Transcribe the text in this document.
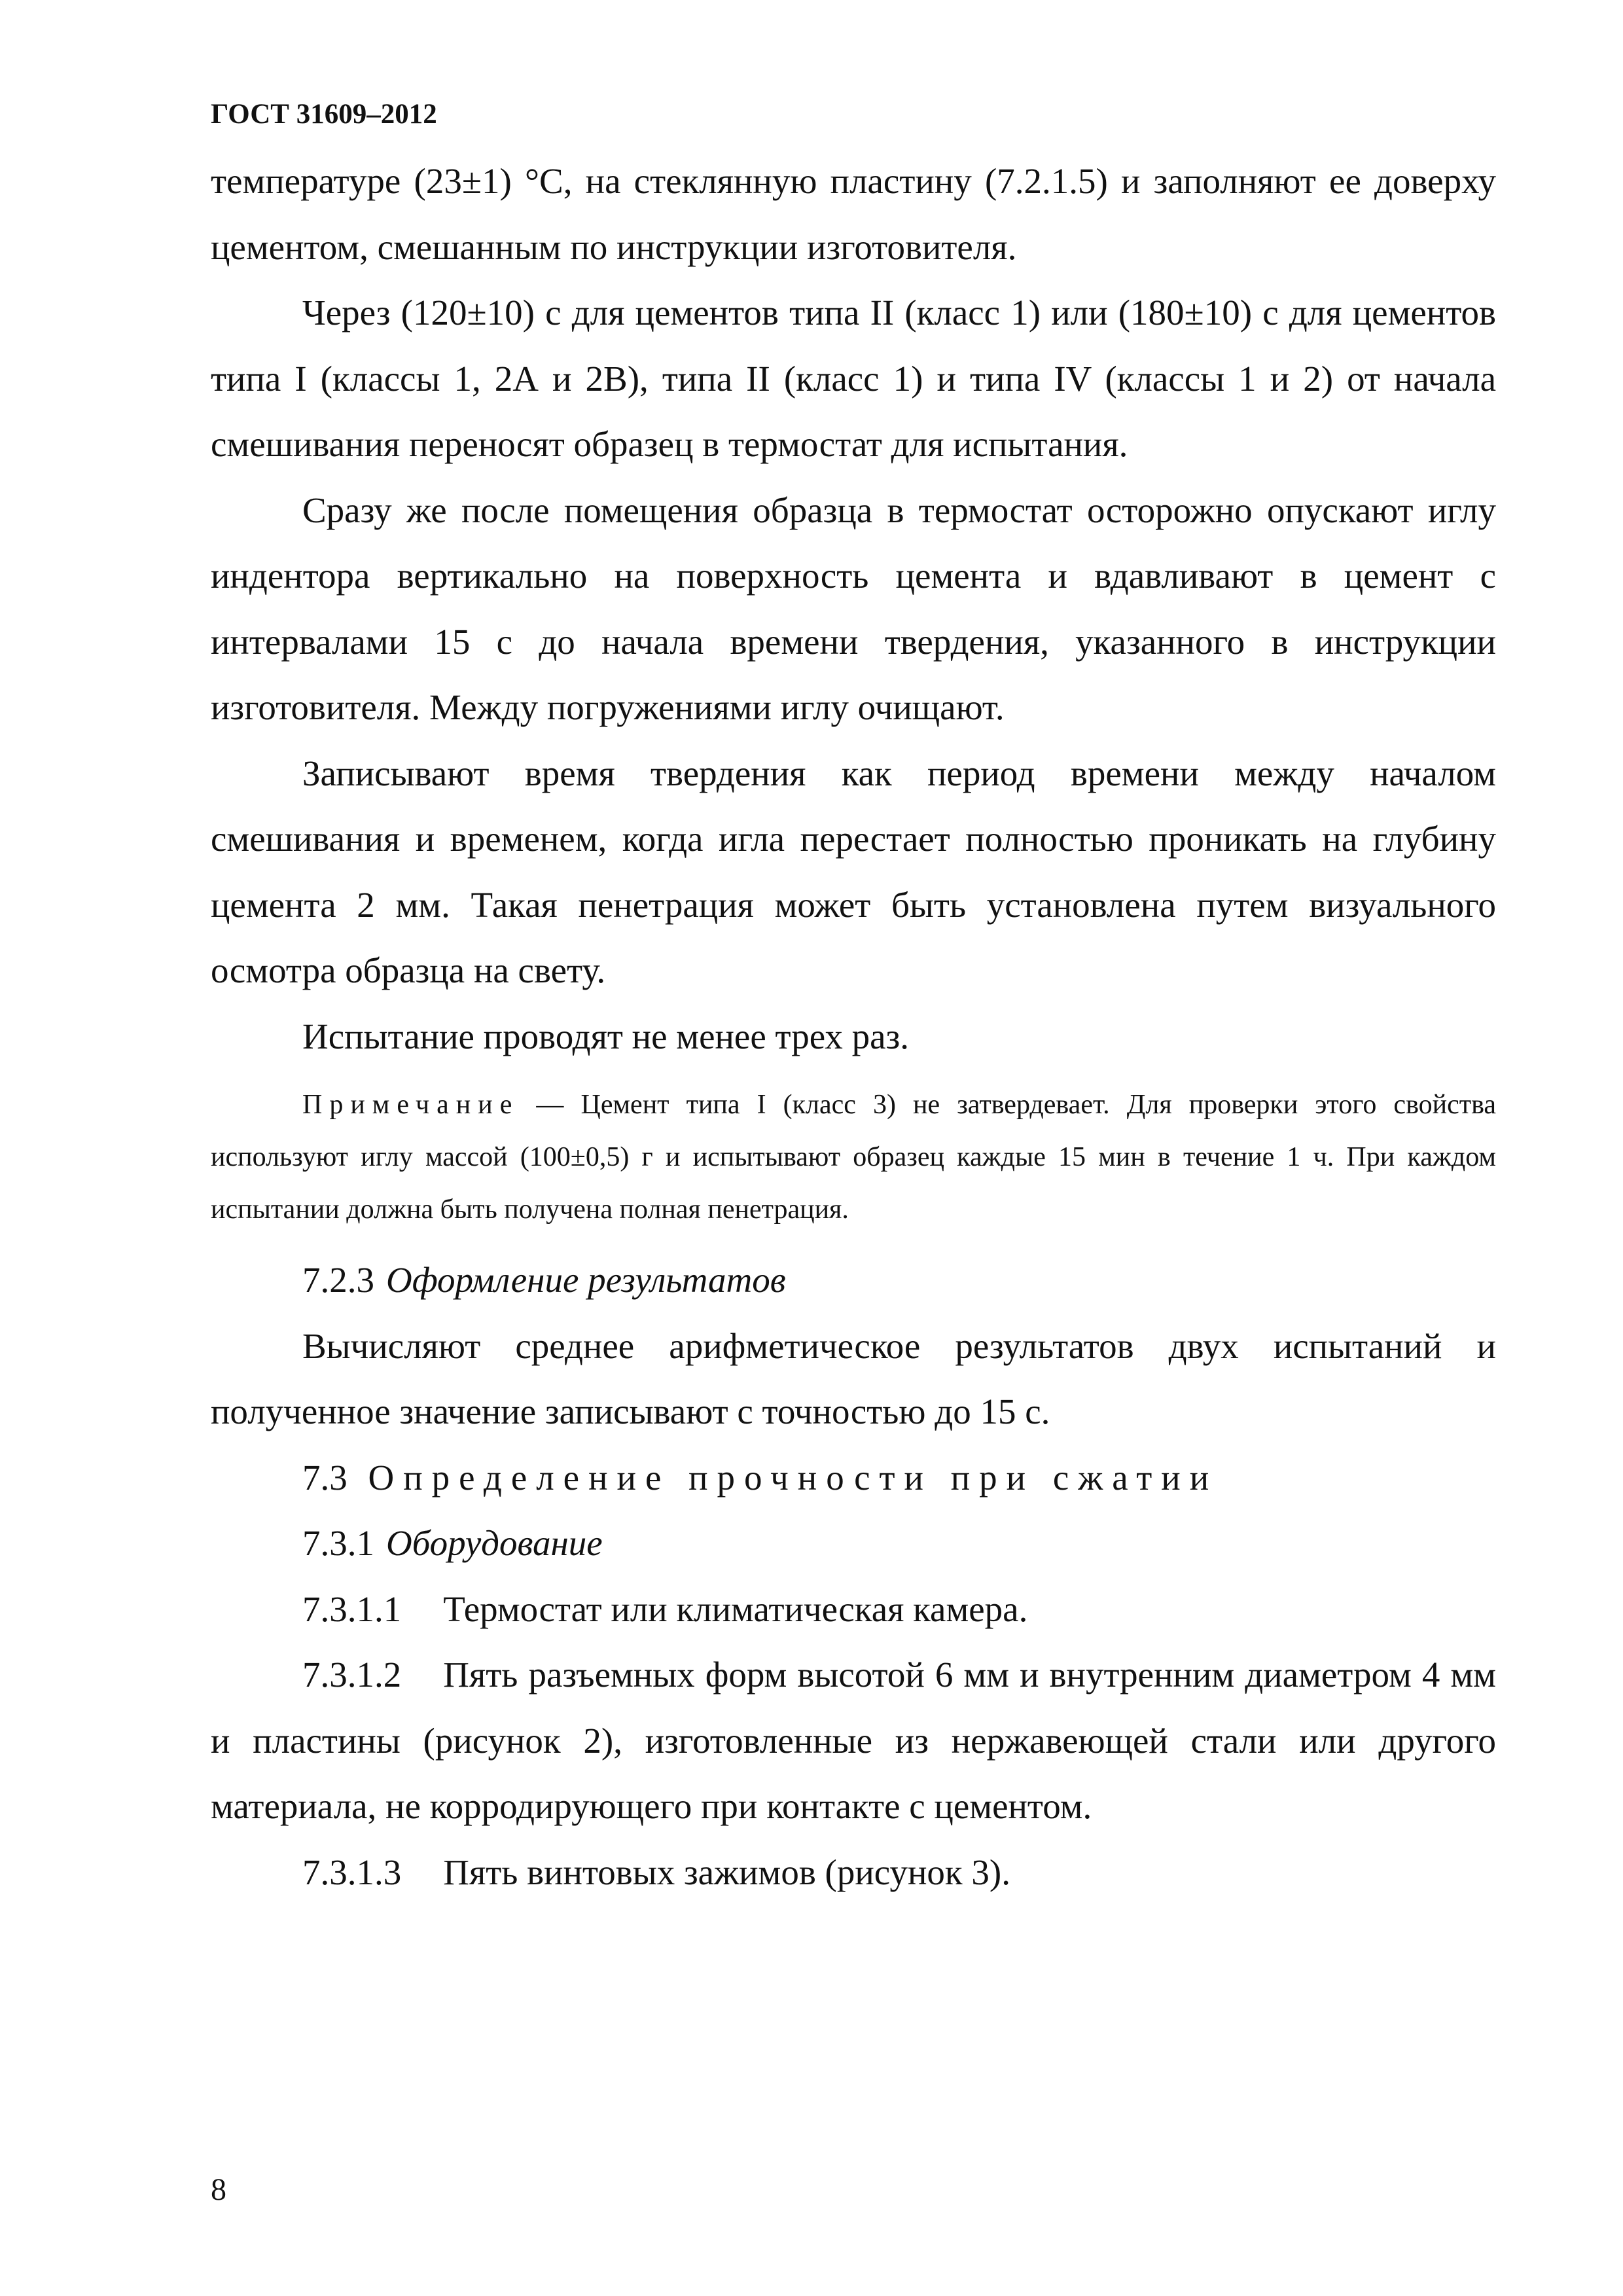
ГОСТ 31609–2012

температуре (23±1) °С, на стеклянную пластину (7.2.1.5) и заполняют ее доверху цементом, смешанным по инструкции изготовителя.

Через (120±10) с для цементов типа II (класс 1) или (180±10) с для цементов типа I (классы 1, 2А и 2В), типа II (класс 1) и типа IV (классы 1 и 2) от начала смешивания переносят образец в термостат для испытания.

Сразу же после помещения образца в термостат осторожно опускают иглу индентора вертикально на поверхность цемента и вдавливают в цемент с интервалами 15 с до начала времени твердения, указанного в инструкции изготовителя. Между погружениями иглу очищают.

Записывают время твердения как период времени между началом смешивания и временем, когда игла перестает полностью проникать на глубину цемента 2 мм. Такая пенетрация может быть установлена путем визуального осмотра образца на свету.

Испытание проводят не менее трех раз.

Примечание — Цемент типа I (класс 3) не затвердевает. Для проверки этого свойства используют иглу массой (100±0,5) г и испытывают образец каждые 15 мин в течение 1 ч. При каждом испытании должна быть получена полная пенетрация.

7.2.3 Оформление результатов

Вычисляют среднее арифметическое результатов двух испытаний и полученное значение записывают с точностью до 15 с.

7.3 Определение прочности при сжатии

7.3.1 Оборудование

7.3.1.1 Термостат или климатическая камера.

7.3.1.2 Пять разъемных форм высотой 6 мм и внутренним диаметром 4 мм и пластины (рисунок 2), изготовленные из нержавеющей стали или другого материала, не корродирующего при контакте с цементом.

7.3.1.3 Пять винтовых зажимов (рисунок 3).

8
